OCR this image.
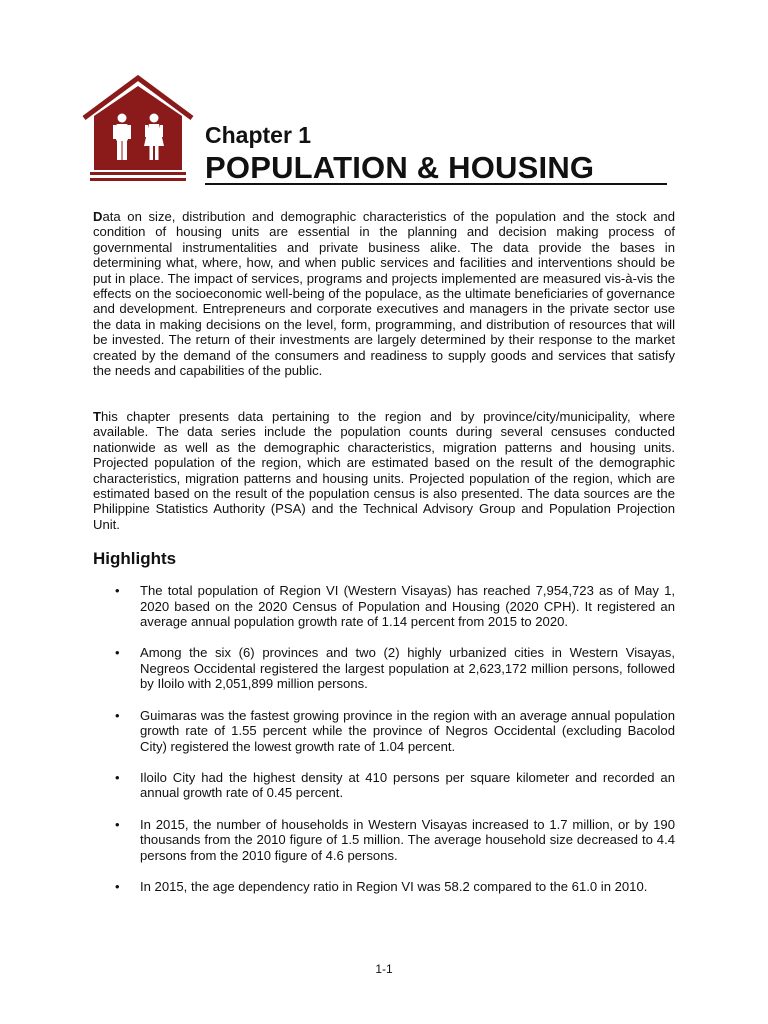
Chapter 1
POPULATION & HOUSING

Data on size, distribution and demographic characteristics of the population and the stock and condition of housing units are essential in the planning and decision making process of governmental instrumentalities and private business alike. The data provide the bases in determining what, where, how, and when public services and facilities and interventions should be put in place. The impact of services, programs and projects implemented are measured vis-à-vis the effects on the socioeconomic well-being of the populace, as the ultimate beneficiaries of governance and development. Entrepreneurs and corporate executives and managers in the private sector use the data in making decisions on the level, form, programming, and distribution of resources that will be invested. The return of their investments are largely determined by their response to the market created by the demand of the consumers and readiness to supply goods and services that satisfy the needs and capabilities of the public.

This chapter presents data pertaining to the region and by province/city/municipality, where available. The data series include the population counts during several censuses conducted nationwide as well as the demographic characteristics, migration patterns and housing units. Projected population of the region, which are estimated based on the result of the demographic characteristics, migration patterns and housing units. Projected population of the region, which are estimated based on the result of the population census is also presented. The data sources are the Philippine Statistics Authority (PSA) and the Technical Advisory Group and Population Projection Unit.

Highlights
• The total population of Region VI (Western Visayas) has reached 7,954,723 as of May 1, 2020 based on the 2020 Census of Population and Housing (2020 CPH). It registered an average annual population growth rate of 1.14 percent from 2015 to 2020.

• Among the six (6) provinces and two (2) highly urbanized cities in Western Visayas, Negreos Occidental registered the largest population at 2,623,172 million persons, followed by Iloilo with 2,051,899 million persons.

• Guimaras was the fastest growing province in the region with an average annual population growth rate of 1.55 percent while the province of Negros Occidental (excluding Bacolod City) registered the lowest growth rate of 1.04 percent.

• Iloilo City had the highest density at 410 persons per square kilometer and recorded an annual growth rate of 0.45 percent.

• In 2015, the number of households in Western Visayas increased to 1.7 million, or by 190 thousands from the 2010 figure of 1.5 million. The average household size decreased to 4.4 persons from the 2010 figure of 4.6 persons.

• In 2015, the age dependency ratio in Region VI was 58.2 compared to the 61.0 in 2010.

1-1
